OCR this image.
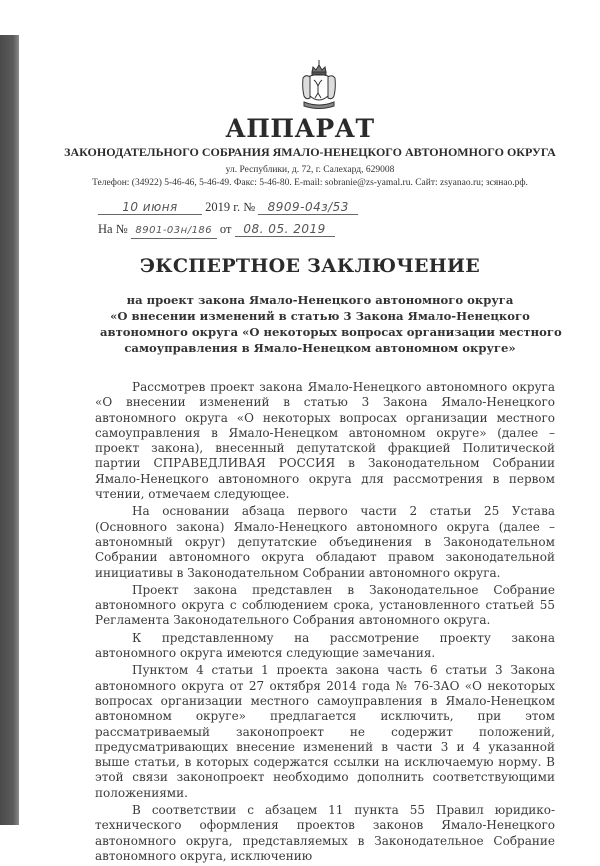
АППАРАТ
ЗАКОНОДАТЕЛЬНОГО СОБРАНИЯ ЯМАЛО-НЕНЕЦКОГО АВТОНОМНОГО ОКРУГА
ул. Республики, д. 72, г. Салехард, 629008
Телефон: (34922) 5-46-46, 5-46-49. Факс: 5-46-80. E-mail: sobranie@zs-yamal.ru. Сайт: zsyanao.ru; зсянао.рф.
10 июня 2019 г. № 8909-04з/53
На № 8901-03н/186 от 08. 05. 2019
ЭКСПЕРТНОЕ ЗАКЛЮЧЕНИЕ
на проект закона Ямало-Ненецкого автономного округа
«О внесении изменений в статью 3 Закона Ямало-Ненецкого
автономного округа «О некоторых вопросах организации местного
самоуправления в Ямало-Ненецком автономном округе»

Рассмотрев проект закона Ямало-Ненецкого автономного округа «О внесении изменений в статью 3 Закона Ямало-Ненецкого автономного округа «О некоторых вопросах организации местного самоуправления в Ямало-Ненецком автономном округе» (далее – проект закона), внесенный депутатской фракцией Политической партии СПРАВЕДЛИВАЯ РОССИЯ в Законодательном Собрании Ямало-Ненецкого автономного округа для рассмотрения в первом чтении, отмечаем следующее.

На основании абзаца первого части 2 статьи 25 Устава (Основного закона) Ямало-Ненецкого автономного округа (далее – автономный округ) депутатские объединения в Законодательном Собрании автономного округа обладают правом законодательной инициативы в Законодательном Собрании автономного округа.

Проект закона представлен в Законодательное Собрание автономного округа с соблюдением срока, установленного статьей 55 Регламента Законодательного Собрания автономного округа.

К представленному на рассмотрение проекту закона автономного округа имеются следующие замечания.

Пунктом 4 статьи 1 проекта закона часть 6 статьи 3 Закона автономного округа от 27 октября 2014 года № 76-ЗАО «О некоторых вопросах организации местного самоуправления в Ямало-Ненецком автономном округе» предлагается исключить, при этом рассматриваемый законопроект не содержит положений, предусматривающих внесение изменений в части 3 и 4 указанной выше статьи, в которых содержатся ссылки на исключаемую норму. В этой связи законопроект необходимо дополнить соответствующими положениями.

В соответствии с абзацем 11 пункта 55 Правил юридико-технического оформления проектов законов Ямало-Ненецкого автономного округа, представляемых в Законодательное Собрание автономного округа, исключению
